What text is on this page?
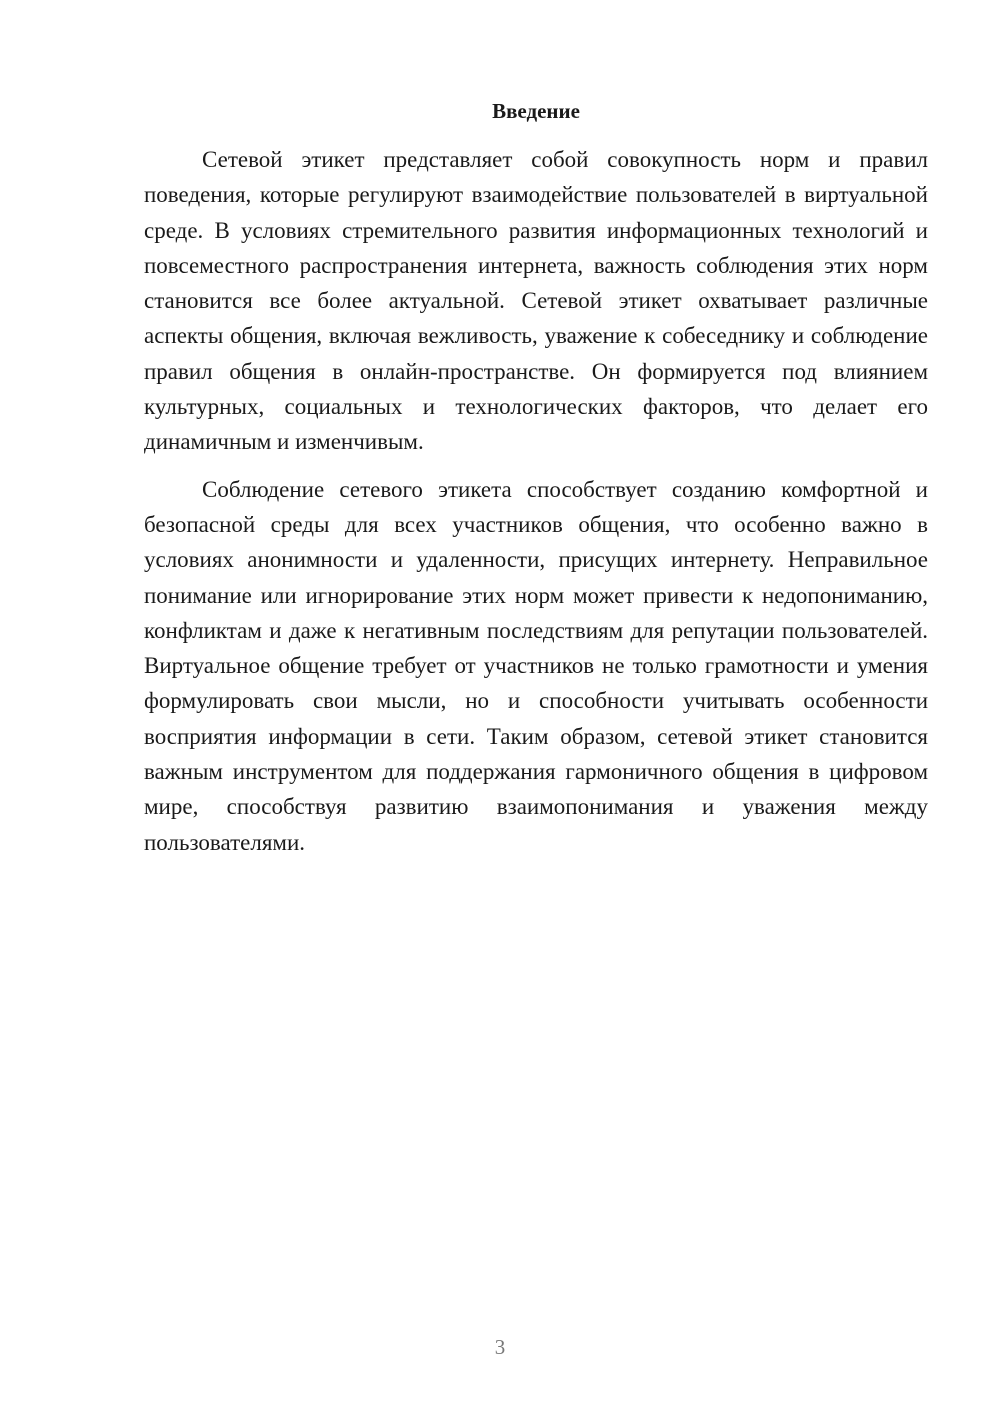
Введение

Сетевой этикет представляет собой совокупность норм и правил поведения, которые регулируют взаимодействие пользователей в виртуальной среде. В условиях стремительного развития информационных технологий и повсеместного распространения интернета, важность соблюдения этих норм становится все более актуальной. Сетевой этикет охватывает различные аспекты общения, включая вежливость, уважение к собеседнику и соблюдение правил общения в онлайн-пространстве. Он формируется под влиянием культурных, социальных и технологических факторов, что делает его динамичным и изменчивым.

Соблюдение сетевого этикета способствует созданию комфортной и безопасной среды для всех участников общения, что особенно важно в условиях анонимности и удаленности, присущих интернету. Неправильное понимание или игнорирование этих норм может привести к недопониманию, конфликтам и даже к негативным последствиям для репутации пользователей. Виртуальное общение требует от участников не только грамотности и умения формулировать свои мысли, но и способности учитывать особенности восприятия информации в сети. Таким образом, сетевой этикет становится важным инструментом для поддержания гармоничного общения в цифровом мире, способствуя развитию взаимопонимания и уважения между пользователями.

3
